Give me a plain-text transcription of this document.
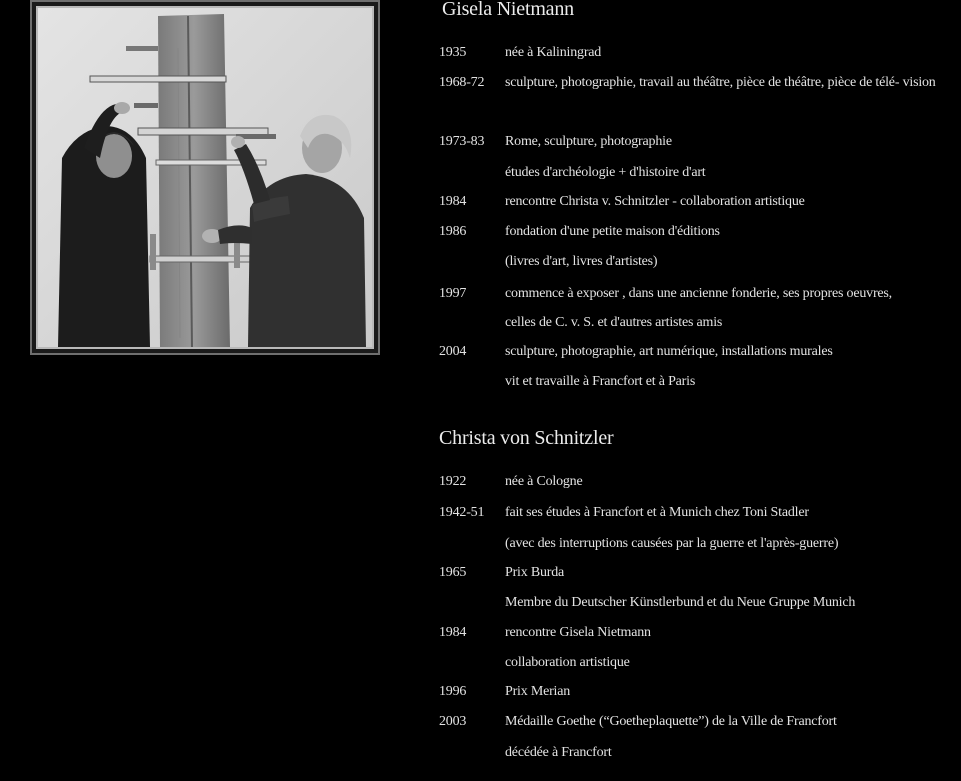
Gisela Nietmann
1935	née à Kaliningrad
1968-72 sculpture, photographie, travail au théâtre, pièce de théâtre, pièce de télé- vision
1973-83 Rome, sculpture, photographie
études d'archéologie + d'histoire d'art
1984	rencontre Christa v. Schnitzler - collaboration artistique
1986	fondation d'une petite maison d'éditions
(livres d'art, livres d'artistes)
1997	commence à exposer , dans une ancienne fonderie, ses propres oeuvres,
celles de C. v. S. et d'autres artistes amis
2004	sculpture, photographie, art numérique, installations murales
vit et travaille à Francfort et à Paris
Christa von Schnitzler
1922	née à Cologne
1942-51 fait ses études à Francfort et à Munich chez Toni Stadler
(avec des interruptions causées par la guerre et l'après-guerre)
1965	Prix Burda
Membre du Deutscher Künstlerbund et du Neue Gruppe Munich
1984	rencontre Gisela Nietmann
collaboration artistique
1996	Prix Merian
2003	Médaille Goethe (“Goetheplaquette”) de la Ville de Francfort
décédée à Francfort
